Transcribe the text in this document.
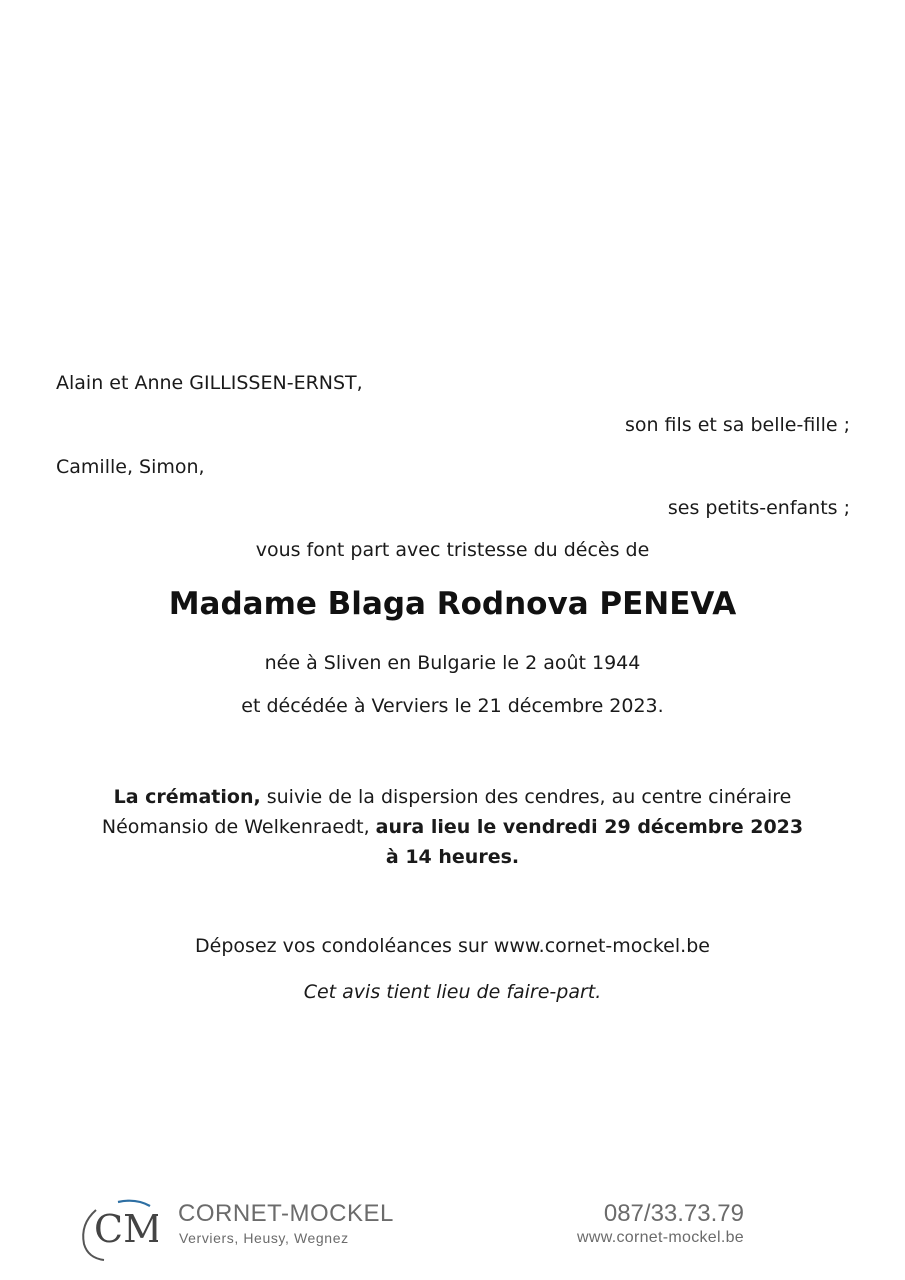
Alain et Anne GILLISSEN-ERNST,
son fils et sa belle-fille ;
Camille, Simon,
ses petits-enfants ;
vous font part avec tristesse du décès de
Madame Blaga Rodnova PENEVA
née à Sliven en Bulgarie le 2 août 1944
et décédée à Verviers le 21 décembre 2023.
La crémation, suivie de la dispersion des cendres, au centre cinéraire
Néomansio de Welkenraedt, aura lieu le vendredi 29 décembre 2023
à 14 heures.
Déposez vos condoléances sur www.cornet-mockel.be
Cet avis tient lieu de faire-part.
CM CORNET-MOCKEL
Verviers, Heusy, Wegnez
087/33.73.79
www.cornet-mockel.be
